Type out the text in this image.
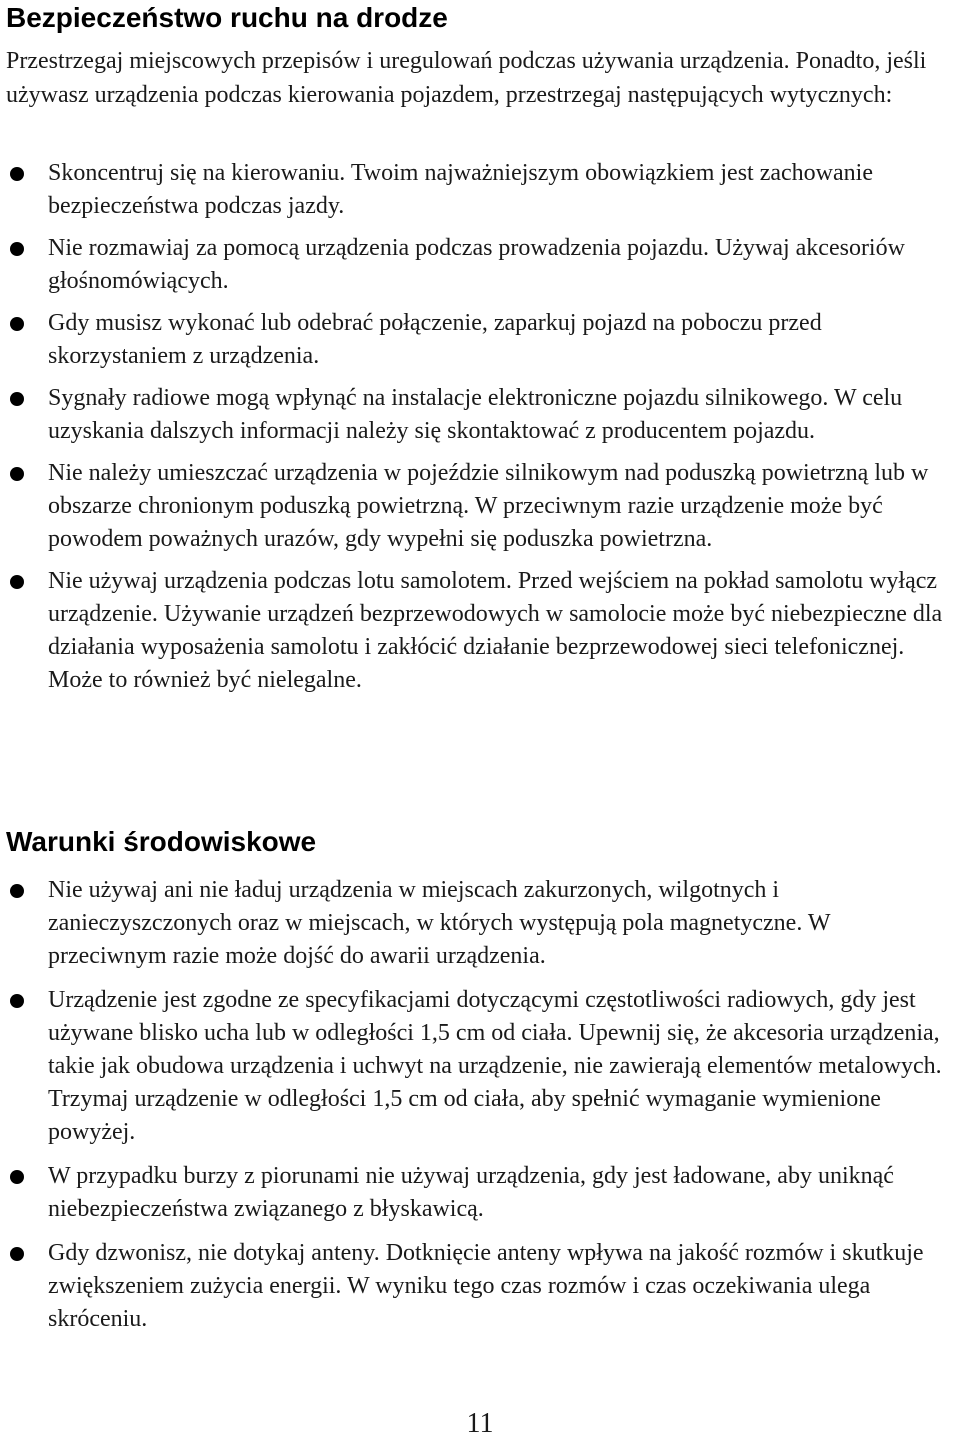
Bezpieczeństwo ruchu na drodze

Przestrzegaj miejscowych przepisów i uregulowań podczas używania urządzenia. Ponadto, jeśli używasz urządzenia podczas kierowania pojazdem, przestrzegaj następujących wytycznych:

Skoncentruj się na kierowaniu. Twoim najważniejszym obowiązkiem jest zachowanie bezpieczeństwa podczas jazdy.
Nie rozmawiaj za pomocą urządzenia podczas prowadzenia pojazdu. Używaj akcesoriów głośnomówiących.
Gdy musisz wykonać lub odebrać połączenie, zaparkuj pojazd na poboczu przed skorzystaniem z urządzenia.
Sygnały radiowe mogą wpłynąć na instalacje elektroniczne pojazdu silnikowego. W celu uzyskania dalszych informacji należy się skontaktować z producentem pojazdu.
Nie należy umieszczać urządzenia w pojeździe silnikowym nad poduszką powietrzną lub w obszarze chronionym poduszką powietrzną. W przeciwnym razie urządzenie może być powodem poważnych urazów, gdy wypełni się poduszka powietrzna.
Nie używaj urządzenia podczas lotu samolotem. Przed wejściem na pokład samolotu wyłącz urządzenie. Używanie urządzeń bezprzewodowych w samolocie może być niebezpieczne dla działania wyposażenia samolotu i zakłócić działanie bezprzewodowej sieci telefonicznej. Może to również być nielegalne.
Warunki środowiskowe
Nie używaj ani nie ładuj urządzenia w miejscach zakurzonych, wilgotnych i zanieczyszczonych oraz w miejscach, w których występują pola magnetyczne. W przeciwnym razie może dojść do awarii urządzenia.
Urządzenie jest zgodne ze specyfikacjami dotyczącymi częstotliwości radiowych, gdy jest używane blisko ucha lub w odległości 1,5 cm od ciała. Upewnij się, że akcesoria urządzenia, takie jak obudowa urządzenia i uchwyt na urządzenie, nie zawierają elementów metalowych. Trzymaj urządzenie w odległości 1,5 cm od ciała, aby spełnić wymaganie wymienione powyżej.
W przypadku burzy z piorunami nie używaj urządzenia, gdy jest ładowane, aby uniknąć niebezpieczeństwa związanego z błyskawicą.
Gdy dzwonisz, nie dotykaj anteny. Dotknięcie anteny wpływa na jakość rozmów i skutkuje zwiększeniem zużycia energii. W wyniku tego czas rozmów i czas oczekiwania ulega skróceniu.
11
